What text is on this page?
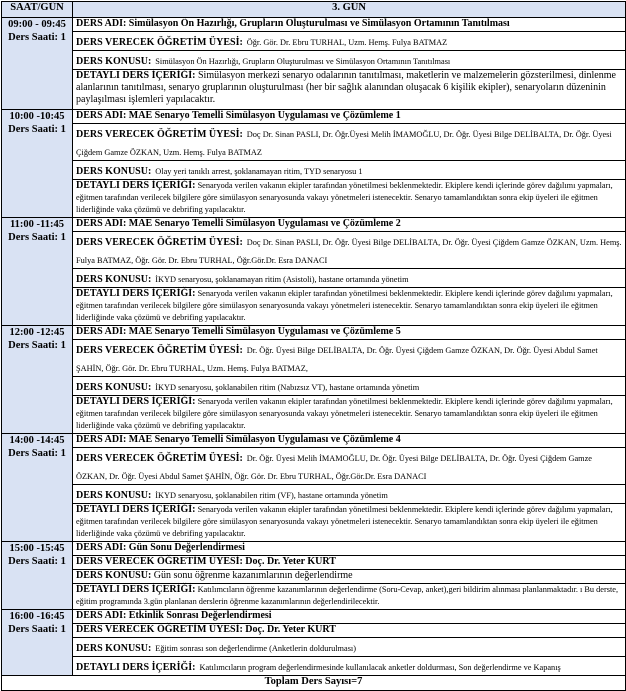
SAAT/GÜN	3. GÜN
09:00 - 09:45
Ders Saati: 1	DERS ADI: Simülasyon Ön Hazırlığı, Grupların Oluşturulması ve Simülasyon Ortamının Tanıtılması
	DERS VERECEK ÖĞRETİM ÜYESİ: Öğr. Gör. Dr. Ebru TURHAL, Uzm. Hemş. Fulya BATMAZ
	DERS KONUSU: Simülasyon Ön Hazırlığı, Grupların Oluşturulması ve Simülasyon Ortamının Tanıtılması
	DETAYLI DERS İÇERİĞİ: Simülasyon merkezi senaryo odalarının tanıtılması, maketlerin ve malzemelerin gözsterilmesi, dinlenme alanlarının tanıtılması, senaryo gruplarının oluşturulması (her bir sağlık alanından oluşacak 6 kişilik ekipler), senaryoların düzeninin paylaşılması işlemleri yapılacaktır.
10:00 -10:45
Ders Saati: 1	DERS ADI: MAE Senaryo Temelli Simülasyon Uygulaması ve Çözümleme 1
	DERS VERECEK ÖĞRETİM ÜYESİ: Doç Dr. Sinan PASLI, Dr. Öğr.Üyesi Melih İMAMOĞLU, Dr. Öğr. Üyesi Bilge DELİBALTA, Dr. Öğr. Üyesi Çiğdem Gamze ÖZKAN, Uzm. Hemş. Fulya BATMAZ
	DERS KONUSU: Olay yeri tanıklı arrest, şoklanamayan ritim, TYD senaryosu 1
	DETAYLI DERS İÇERİĞİ: Senaryoda verilen vakanın ekipler tarafından yönetilmesi beklenmektedir. Ekiplere kendi içlerinde görev dağılımı yapmaları, eğitmen tarafından verilecek bilgilere göre simülasyon senaryosunda vakayı yönetmeleri istenecektir. Senaryo tamamlandıktan sonra ekip üyeleri ile eğitmen liderliğinde vaka çözümü ve debrifing yapılacaktır.
11:00 -11:45
Ders Saati: 1	DERS ADI: MAE Senaryo Temelli Simülasyon Uygulaması ve Çözümleme 2
	DERS VERECEK ÖĞRETİM ÜYESİ: Doç Dr. Sinan PASLI, Dr. Öğr. Üyesi Bilge DELİBALTA, Dr. Öğr. Üyesi Çiğdem Gamze ÖZKAN, Uzm. Hemş. Fulya BATMAZ, Öğr. Gör. Dr. Ebru TURHAL, Öğr.Gör.Dr. Esra DANACI
	DERS KONUSU: İKYD senaryosu, şoklanamayan ritim (Asistoli), hastane ortamında yönetim
	DETAYLI DERS İÇERİĞİ: Senaryoda verilen vakanın ekipler tarafından yönetilmesi beklenmektedir. Ekiplere kendi içlerinde görev dağılımı yapmaları, eğitmen tarafından verilecek bilgilere göre simülasyon senaryosunda vakayı yönetmeleri istenecektir. Senaryo tamamlandıktan sonra ekip üyeleri ile eğitmen liderliğinde vaka çözümü ve debrifing yapılacaktır.
12:00 -12:45
Ders Saati: 1	DERS ADI: MAE Senaryo Temelli Simülasyon Uygulaması ve Çözümleme 5
	DERS VERECEK ÖĞRETİM ÜYESİ: Dr. Öğr. Üyesi Bilge DELİBALTA, Dr. Öğr. Üyesi Çiğdem Gamze ÖZKAN, Dr. Öğr. Üyesi Abdul Samet ŞAHİN, Öğr. Gör. Dr. Ebru TURHAL, Uzm. Hemş. Fulya BATMAZ,
	DERS KONUSU: İKYD senaryosu, şoklanabilen ritim (Nabızsız VT), hastane ortamında yönetim
	DETAYLI DERS İÇERİĞİ: Senaryoda verilen vakanın ekipler tarafından yönetilmesi beklenmektedir. Ekiplere kendi içlerinde görev dağılımı yapmaları, eğitmen tarafından verilecek bilgilere göre simülasyon senaryosunda vakayı yönetmeleri istenecektir. Senaryo tamamlandıktan sonra ekip üyeleri ile eğitmen liderliğinde vaka çözümü ve debrifing yapılacaktır.
14:00 -14:45
Ders Saati: 1	DERS ADI: MAE Senaryo Temelli Simülasyon Uygulaması ve Çözümleme 4
	DERS VERECEK ÖĞRETİM ÜYESİ: Dr. Öğr. Üyesi Melih İMAMOĞLU, Dr. Öğr. Üyesi Bilge DELİBALTA, Dr. Öğr. Üyesi Çiğdem Gamze ÖZKAN, Dr. Öğr. Üyesi Abdul Samet ŞAHİN, Öğr. Gör. Dr. Ebru TURHAL, Öğr.Gör.Dr. Esra DANACI
	DERS KONUSU: İKYD senaryosu, şoklanabilen ritim (VF), hastane ortamında yönetim
	DETAYLI DERS İÇERİĞİ: Senaryoda verilen vakanın ekipler tarafından yönetilmesi beklenmektedir. Ekiplere kendi içlerinde görev dağılımı yapmaları, eğitmen tarafından verilecek bilgilere göre simülasyon senaryosunda vakayı yönetmeleri istenecektir. Senaryo tamamlandıktan sonra ekip üyeleri ile eğitmen liderliğinde vaka çözümü ve debrifing yapılacaktır.
15:00 -15:45
Ders Saati: 1	DERS ADI: Gün Sonu Değerlendirmesi
	DERS VERECEK ÖĞRETİM ÜYESİ: Doç. Dr. Yeter KURT
	DERS KONUSU: Gün sonu öğrenme kazanımlarının değerlendirme
	DETAYLI DERS İÇERİĞİ: Katılımcıların öğrenme kazanımlarının değerlendirme (Soru-Cevap, anket),geri bildirim alınması planlanmaktadır. ı Bu derste, eğitim programında 3.gün planlanan derslerin öğrenme kazanımlarının değerlendirilecektir.
16:00 -16:45
Ders Saati: 1	DERS ADI: Etkinlik Sonrası Değerlendirmesi
	DERS VERECEK ÖĞRETİM ÜYESİ: Doç. Dr. Yeter KURT
	DERS KONUSU: Eğitim sonrası son değerlendirme (Anketlerin doldurulması)
	DETAYLI DERS İÇERİĞİ: Katılımcıların program değerlendirmesinde kullanılacak anketler doldurması, Son değerlendirme ve Kapanış
Toplam Ders Sayısı=7	
